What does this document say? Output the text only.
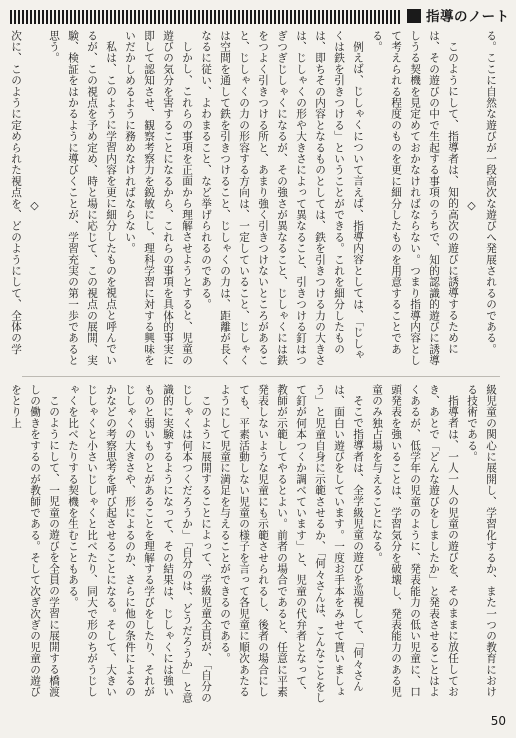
指導のノート

る。ここに自然な遊びが一段高次な遊びへ発展されるのである。

◇

このようにして、指導者は、知的高次の遊びに誘導するためには、その遊びの中で生起する事項のうちで、知的認識的遊びに誘導しうる契機を見定めておかなければならない。つまり指導内容として考えられる程度のものを更に細分したものを用意することである。

例えば、じしゃくについて言えば、指導内容としては、「じしゃくは鉄を引きつける」ということができる。これを細分したものは、即ちその内容となるものとしては、鉄を引きつける力の大きさは、じしゃくの形や大きさによって異なること、引きつける釘はつぎつぎじしゃくになるが、その強さが異なること、じしゃくには鉄をつよく引きつける所と、あまり強く引きつけないところがあること、じしゃくの力の形容する方向は、一定していること、じしゃくは空間を通して鉄を引きつけること、じしゃくの力は、距離が長くなるに従い、よわまること、など挙げられるのである。

しかし、これらの事項を正面から理解させようとすると、児童の遊びの気分を害することになるから、これらの事項を具体的事実に即して認知させ、観察考察力を鋭敏にし、理科学習に対する興味をいだかしめるように務めなければならない。

私は、このように学習内容を更に細分したものを視点と呼んでいるが、この視点を予め定め、時と場に応じて、この視点の展開、実験、検証をはかるように導びくことが、学習充実の第一歩であると思う。

◇

次に、このように定められた視点を、どのようにして、全体の学

級児童の関心に展開し、学習化するか、また一つの教育における技術である。

指導者は、一人一人の児童の遊びを、そのままに放任しておき、あとで「どんな遊びをしましたか」と発表させることはよくあるが、低学年の児童のように、発表能力の低い児童に、口頭発表を強いることは、学習気分を破壊し、発表能力のある児童のみ独占場を与えることになる。

そこで指導者は、全学級児童の遊びを巡視して、「何々さんは、面白い遊びをしています。一度お手本をみせて貰いましょう」と児童自身に示範させるか、「何々さんは、こんなことをして釘が何本つくか調べています」と、児童の代弁者となって、教師が示範してやるとよい。前者の場合であると、任意に平素発表しないような児童にも示範させられるし、後者の場合にしても、平素活動しない児童の様子を言って各児童に順次あたるようにして児童に満足を与えることができるのである。

このように展開することによって、学級児童全員が、「自分のじしゃくは何本つくだろうか」「自分のは、どうだろうか」と意識的に実験するようになって、その結果は、じしゃくには強いものと弱いものとがあることを理解する学びをしたり、それがじしゃくの大きさや、形によるのか、さらに他の条件によるのかなどの考察思考を呼び起させることになる。そして、大きいじしゃくと小さいじしゃくと比べたり、同大で形のちがうじしゃくを比べたりする契機を生むこともある。

このようにして、一児童の遊びを全員の学習に展開する橋渡しの働きをするのが教師である。そして次ぎ次ぎの児童の遊びをとり上

50
